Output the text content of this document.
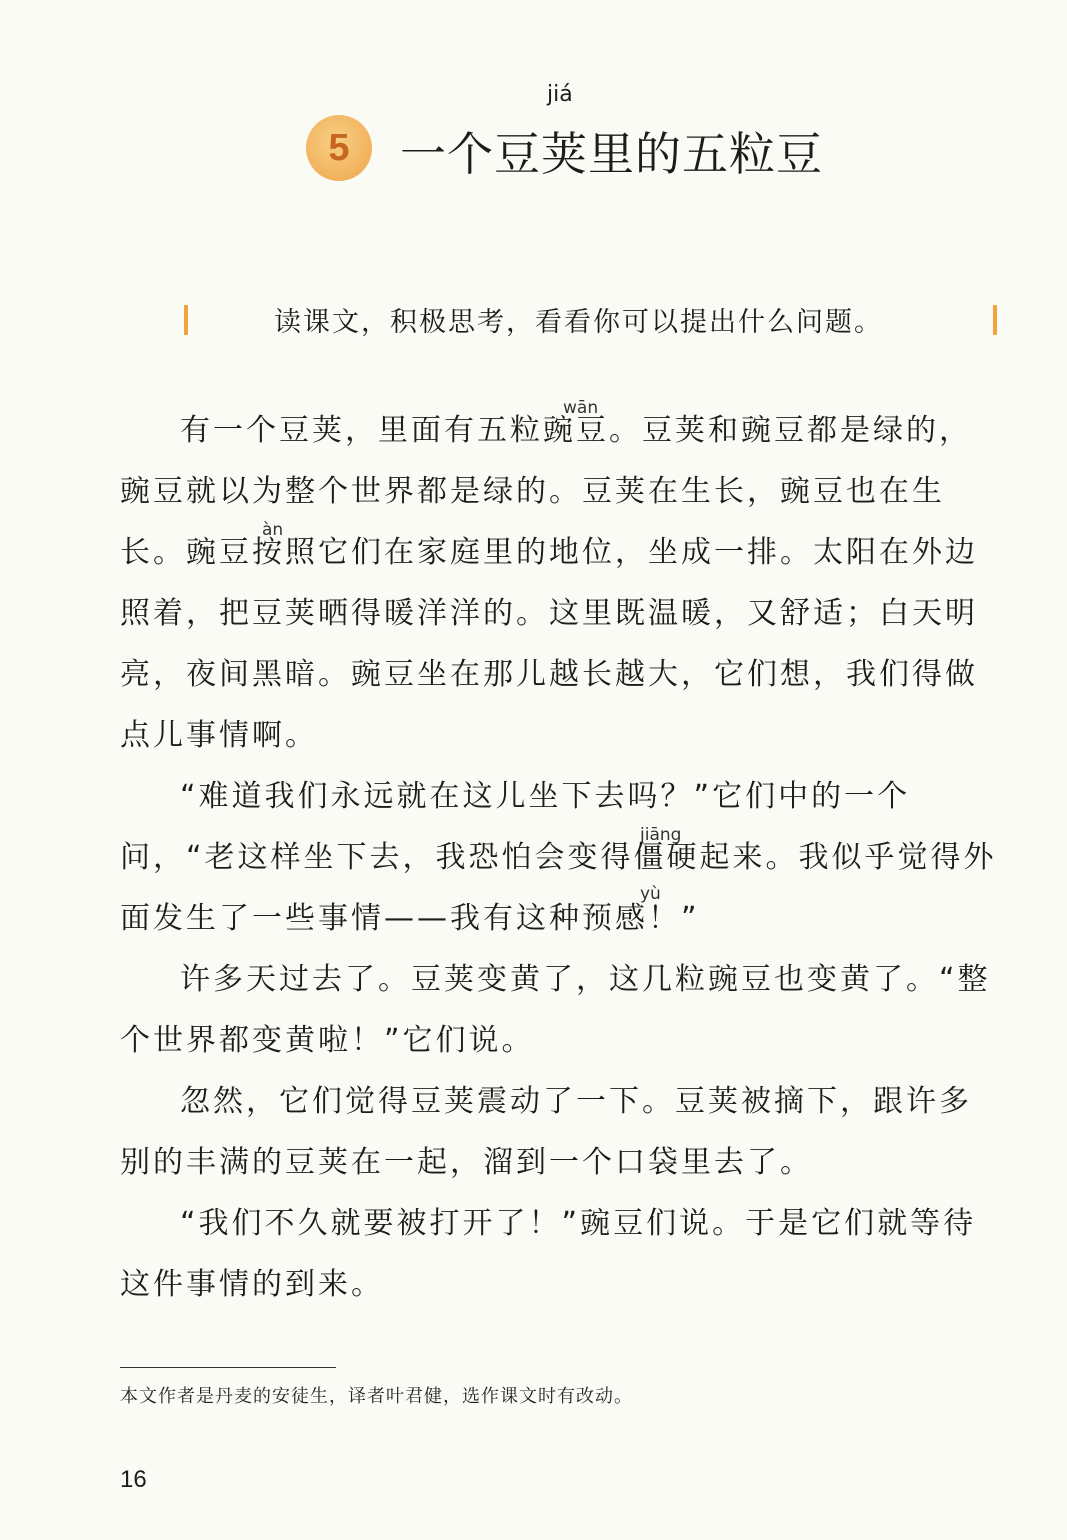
5
jiá
一个豆荚里的五粒豆
读课文，积极思考，看看你可以提出什么问题。
wān
àn
jiāng
yù

有一个豆荚，里面有五粒豌豆。豆荚和豌豆都是绿的，豌豆就以为整个世界都是绿的。豆荚在生长，豌豆也在生长。豌豆按照它们在家庭里的地位，坐成一排。太阳在外边照着，把豆荚晒得暖洋洋的。这里既温暖，又舒适；白天明亮，夜间黑暗。豌豆坐在那儿越长越大，它们想，我们得做点儿事情啊。

“难道我们永远就在这儿坐下去吗？”它们中的一个问，“老这样坐下去，我恐怕会变得僵硬起来。我似乎觉得外面发生了一些事情——我有这种预感！”

许多天过去了。豆荚变黄了，这几粒豌豆也变黄了。“整个世界都变黄啦！”它们说。

忽然，它们觉得豆荚震动了一下。豆荚被摘下，跟许多别的丰满的豆荚在一起，溜到一个口袋里去了。

“我们不久就要被打开了！”豌豆们说。于是它们就等待这件事情的到来。

本文作者是丹麦的安徒生，译者叶君健，选作课文时有改动。
16
